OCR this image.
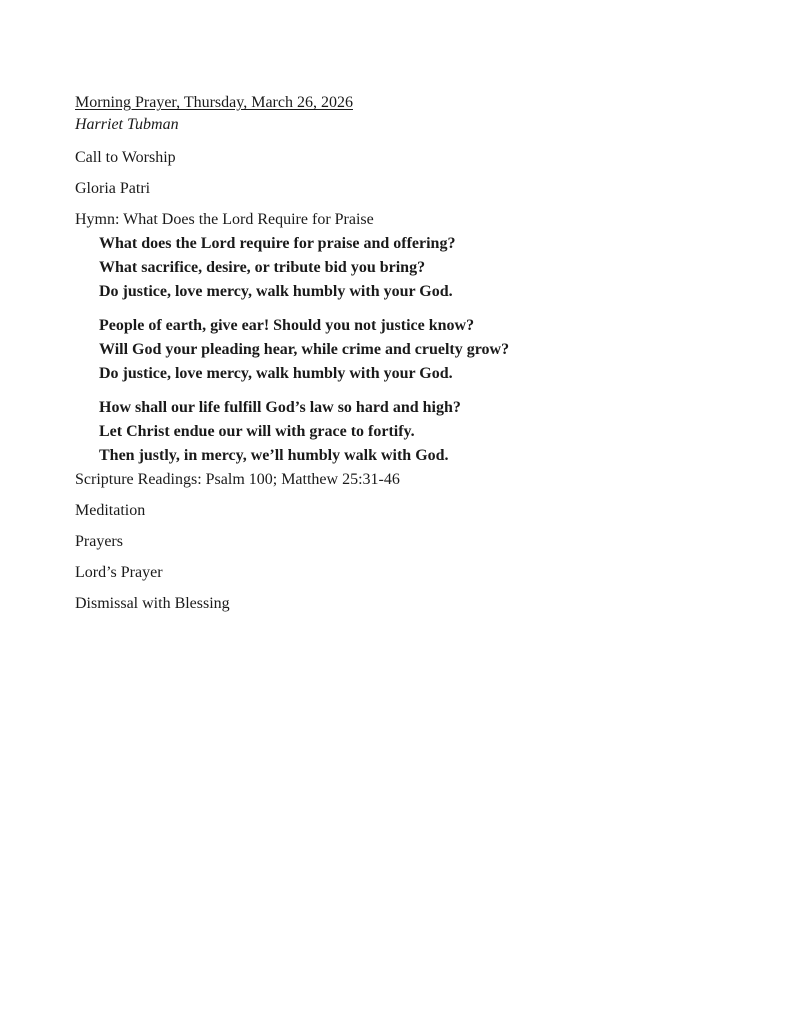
Morning Prayer, Thursday, March 26, 2026
Harriet Tubman
Call to Worship
Gloria Patri
Hymn: What Does the Lord Require for Praise
What does the Lord require for praise and offering?
What sacrifice, desire, or tribute bid you bring?
Do justice, love mercy, walk humbly with your God.
People of earth, give ear! Should you not justice know?
Will God your pleading hear, while crime and cruelty grow?
Do justice, love mercy, walk humbly with your God.
How shall our life fulfill God’s law so hard and high?
Let Christ endue our will with grace to fortify.
Then justly, in mercy, we’ll humbly walk with God.
Scripture Readings: Psalm 100; Matthew 25:31-46
Meditation
Prayers
Lord’s Prayer
Dismissal with Blessing
